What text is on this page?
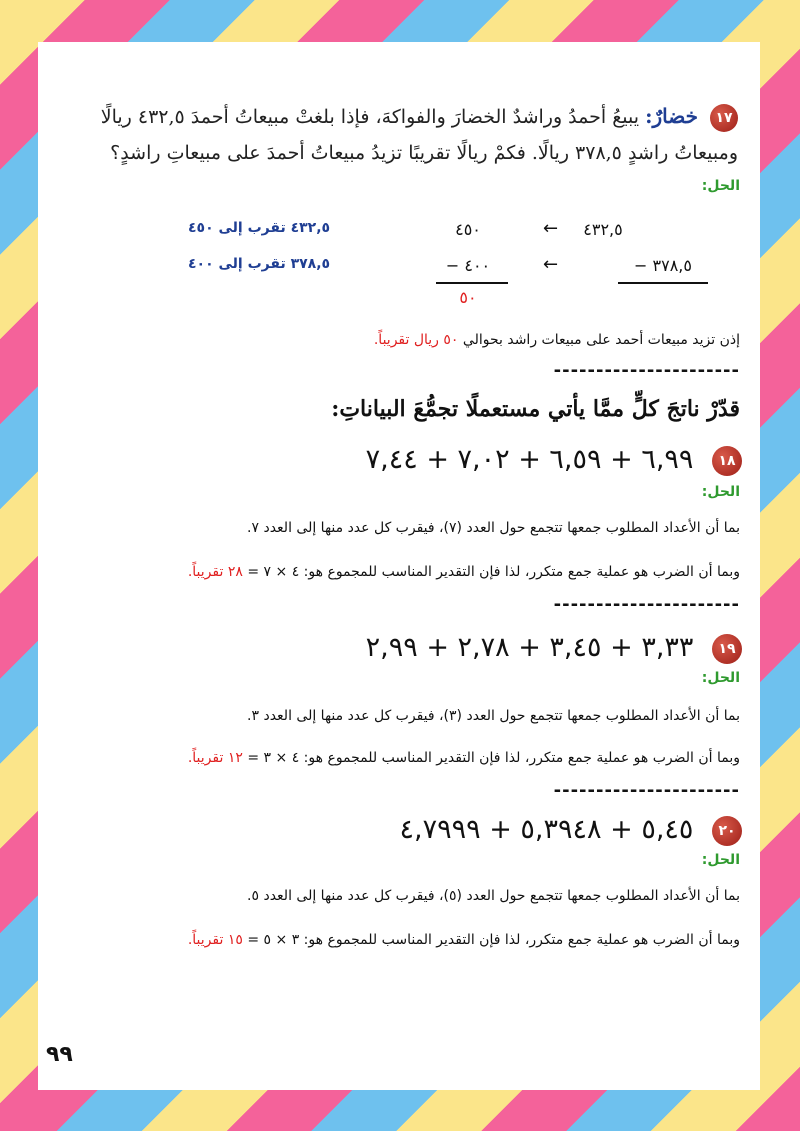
١٧ خضارٌ: يبيعُ أحمدُ وراشدٌ الخضارَ والفواكهَ، فإذا بلغتْ مبيعاتُ أحمدَ ٤٣٢,٥ ريالًا ومبيعاتُ راشدٍ ٣٧٨,٥ ريالًا. فكمْ ريالًا تقريبًا تزيدُ مبيعاتُ أحمدَ على مبيعاتِ راشدٍ؟
الحل:
٤٣٢,٥
←
٤٥٠
٤٣٢,٥ تقرب إلى ٤٥٠
٣٧٨,٥ −
←
٤٠٠ −
٣٧٨,٥ تقرب إلى ٤٠٠
٥٠
إذن تزيد مبيعات أحمد على مبيعات راشد بحوالي ٥٠ ريال تقريباً.
----------------------
قدّرْ ناتجَ كلٍّ ممَّا يأتي مستعملًا تجمُّعَ البياناتِ:
١٨ ٦,٩٩ + ٦,٥٩ + ٧,٠٢ + ٧,٤٤
الحل:
بما أن الأعداد المطلوب جمعها تتجمع حول العدد (٧)، فيقرب كل عدد منها إلى العدد ٧.
وبما أن الضرب هو عملية جمع متكرر، لذا فإن التقدير المناسب للمجموع هو: ٤ × ٧ = ٢٨ تقريباً.
----------------------
١٩ ٣,٣٣ + ٣,٤٥ + ٢,٧٨ + ٢,٩٩
الحل:
بما أن الأعداد المطلوب جمعها تتجمع حول العدد (٣)، فيقرب كل عدد منها إلى العدد ٣.
وبما أن الضرب هو عملية جمع متكرر، لذا فإن التقدير المناسب للمجموع هو: ٤ × ٣ = ١٢ تقريباً.
----------------------
٢٠ ٥,٤٥ + ٥,٣٩٤٨ + ٤,٧٩٩٩
الحل:
بما أن الأعداد المطلوب جمعها تتجمع حول العدد (٥)، فيقرب كل عدد منها إلى العدد ٥.
وبما أن الضرب هو عملية جمع متكرر، لذا فإن التقدير المناسب للمجموع هو: ٣ × ٥ = ١٥ تقريباً.
٩٩
